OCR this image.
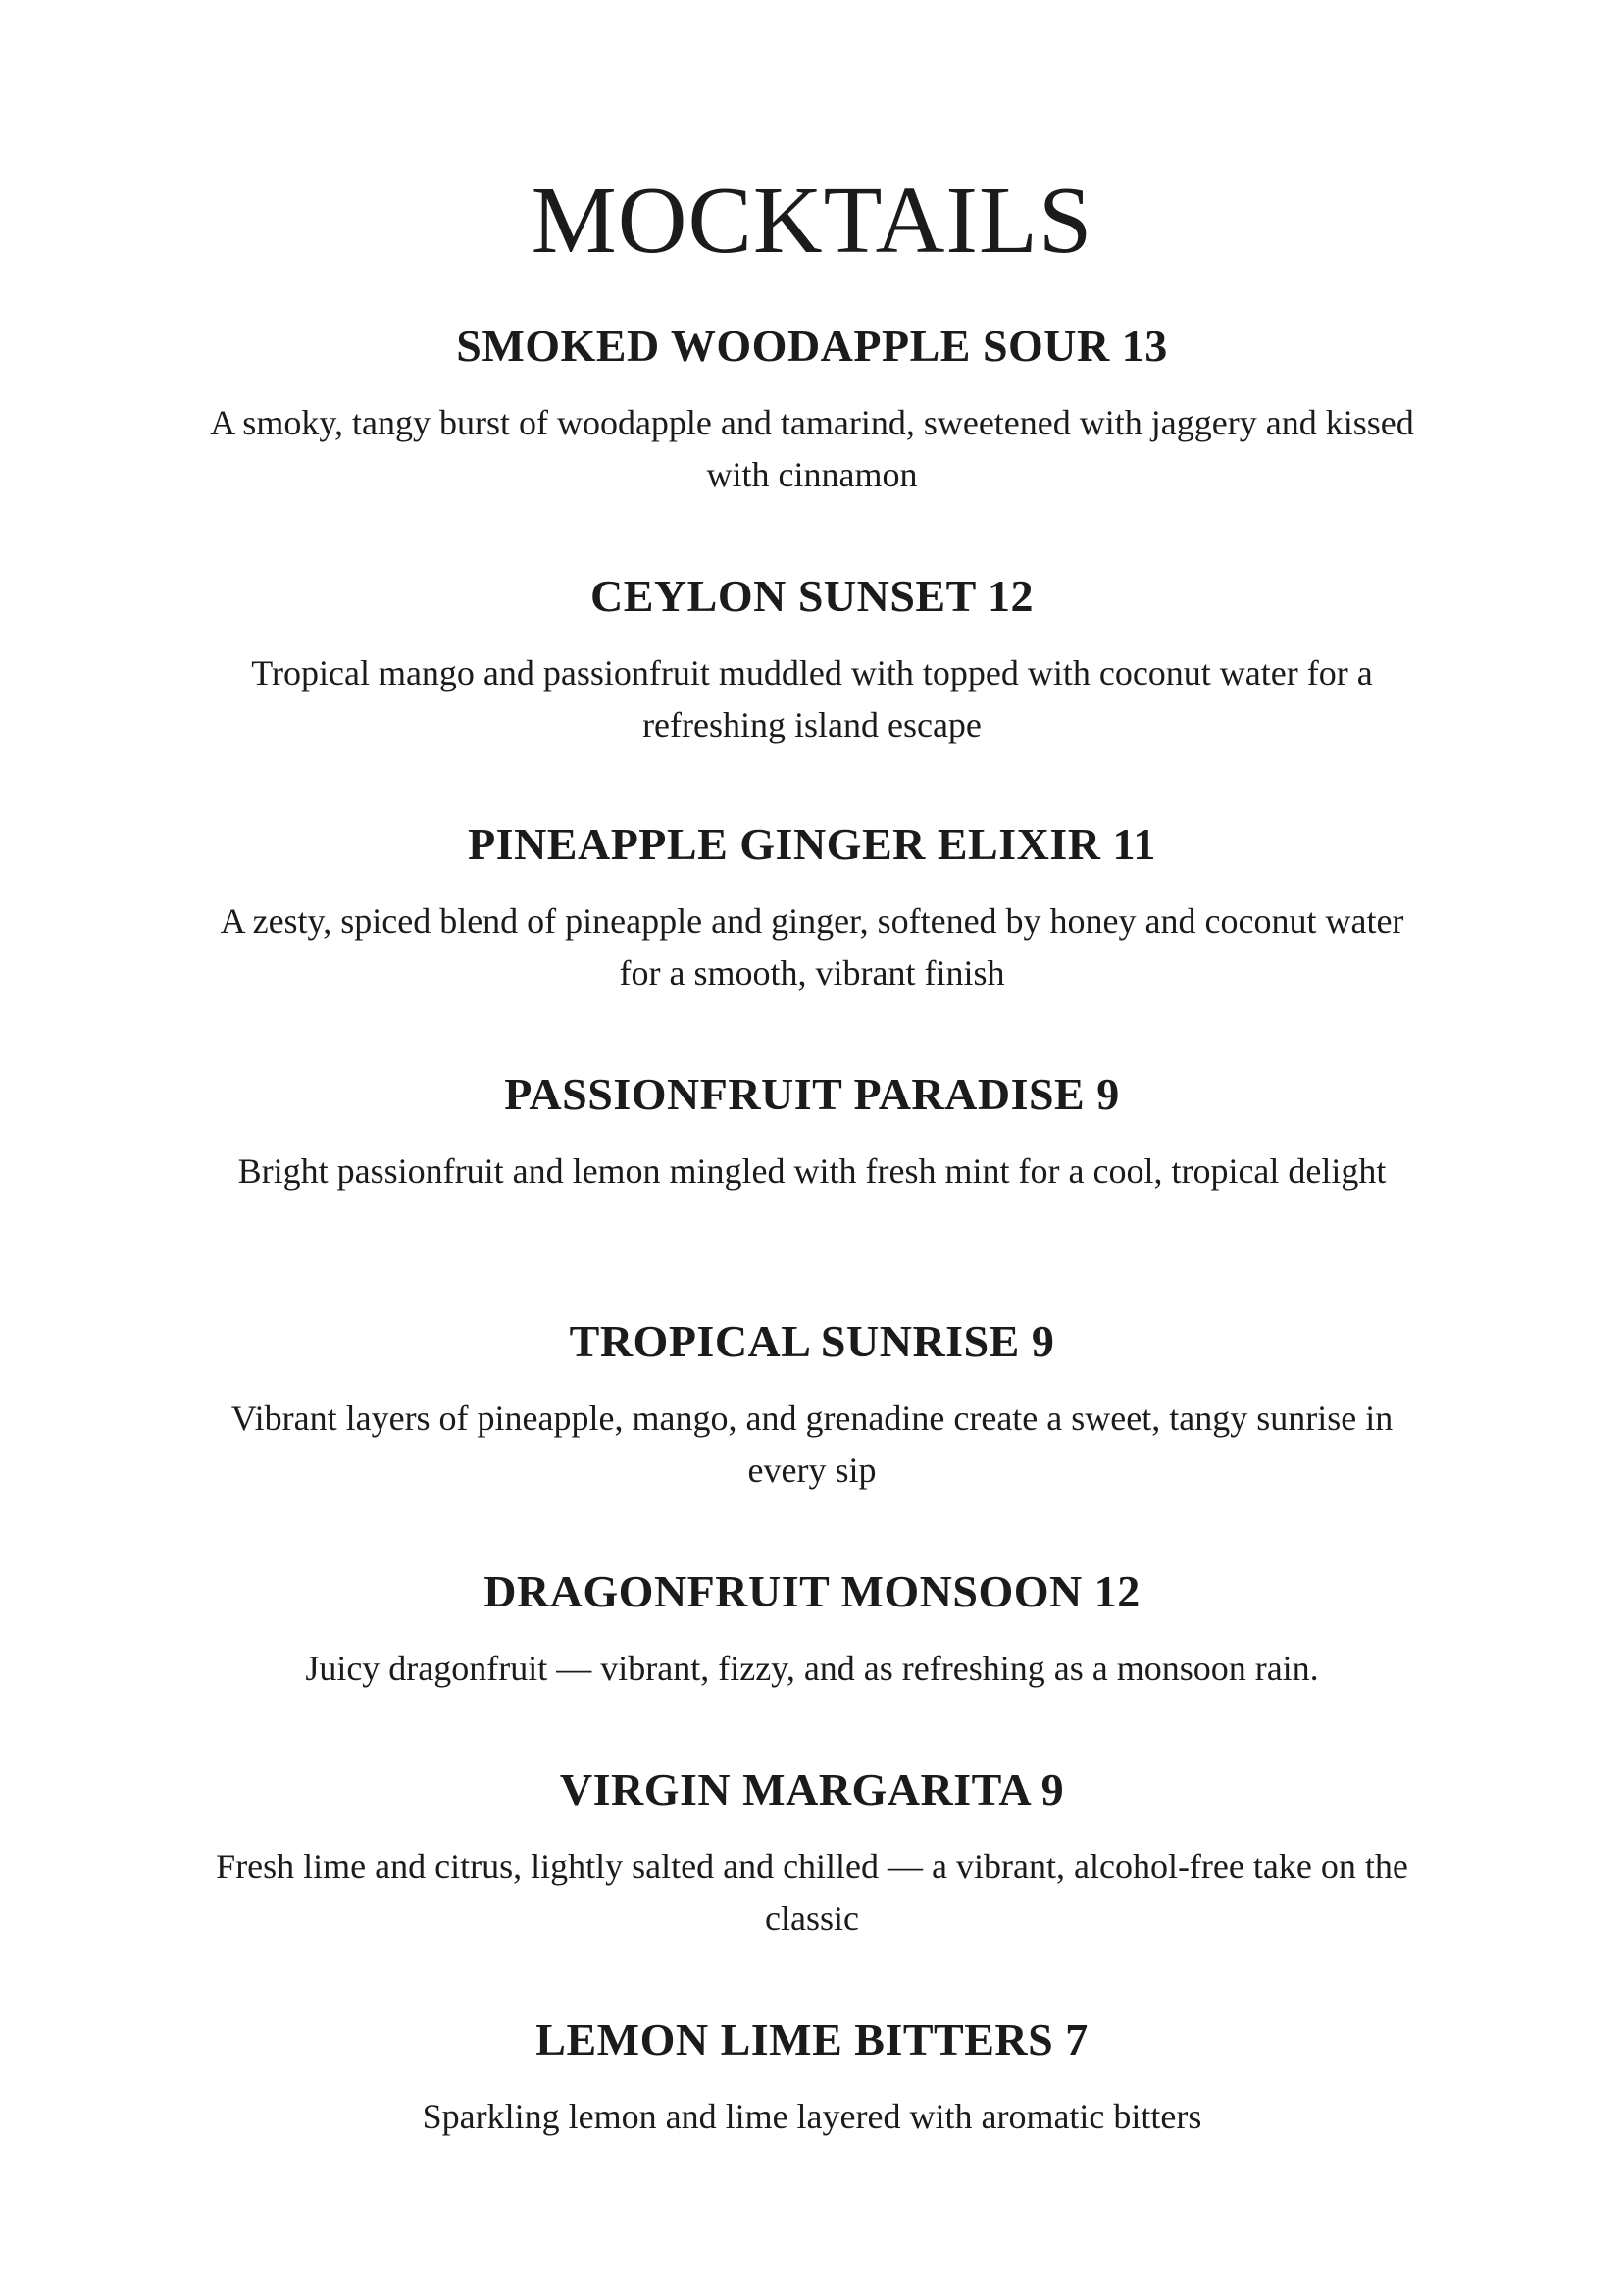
MOCKTAILS

SMOKED WOODAPPLE SOUR 13

A smoky, tangy burst of woodapple and tamarind, sweetened with jaggery and kissed with cinnamon

CEYLON SUNSET 12

Tropical mango and passionfruit muddled with topped with coconut water for a refreshing island escape

PINEAPPLE GINGER ELIXIR 11

A zesty, spiced blend of pineapple and ginger, softened by honey and coconut water for a smooth, vibrant finish

PASSIONFRUIT PARADISE 9

Bright passionfruit and lemon mingled with fresh mint for a cool, tropical delight

TROPICAL SUNRISE 9

Vibrant layers of pineapple, mango, and grenadine create a sweet, tangy sunrise in every sip

DRAGONFRUIT MONSOON 12

Juicy dragonfruit — vibrant, fizzy, and as refreshing as a monsoon rain.

VIRGIN MARGARITA 9

Fresh lime and citrus, lightly salted and chilled — a vibrant, alcohol-free take on the classic

LEMON LIME BITTERS 7

Sparkling lemon and lime layered with aromatic bitters
